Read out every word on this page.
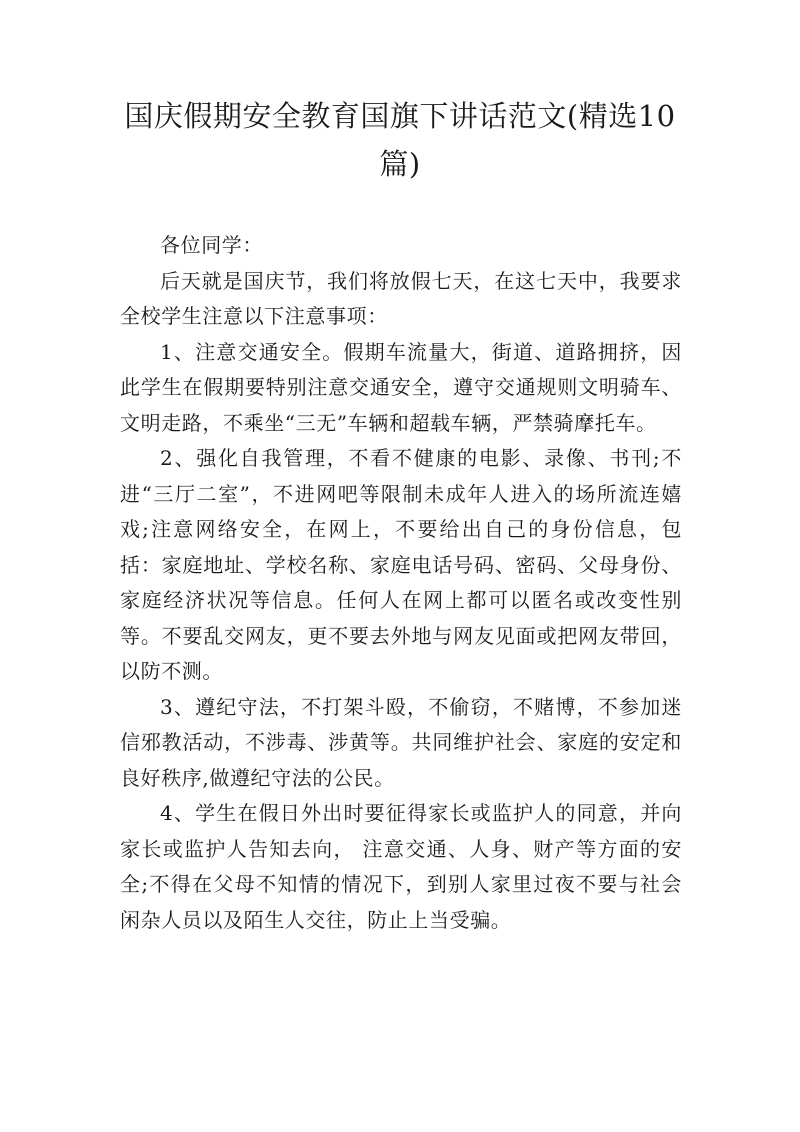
国庆假期安全教育国旗下讲话范文(精选10篇)

各位同学：

后天就是国庆节，我们将放假七天，在这七天中，我要求全校学生注意以下注意事项：

1、注意交通安全。假期车流量大，街道、道路拥挤，因此学生在假期要特别注意交通安全，遵守交通规则文明骑车、文明走路，不乘坐“三无”车辆和超载车辆，严禁骑摩托车。

2、强化自我管理，不看不健康的电影、录像、书刊;不进“三厅二室”，不进网吧等限制未成年人进入的场所流连嬉戏;注意网络安全，在网上，不要给出自己的身份信息，包括：家庭地址、学校名称、家庭电话号码、密码、父母身份、家庭经济状况等信息。任何人在网上都可以匿名或改变性别等。不要乱交网友，更不要去外地与网友见面或把网友带回，以防不测。

3、遵纪守法，不打架斗殴，不偷窃，不赌博，不参加迷信邪教活动，不涉毒、涉黄等。共同维护社会、家庭的安定和良好秩序,做遵纪守法的公民。

4、学生在假日外出时要征得家长或监护人的同意，并向家长或监护人告知去向， 注意交通、人身、财产等方面的安全;不得在父母不知情的情况下，到别人家里过夜不要与社会闲杂人员以及陌生人交往，防止上当受骗。
